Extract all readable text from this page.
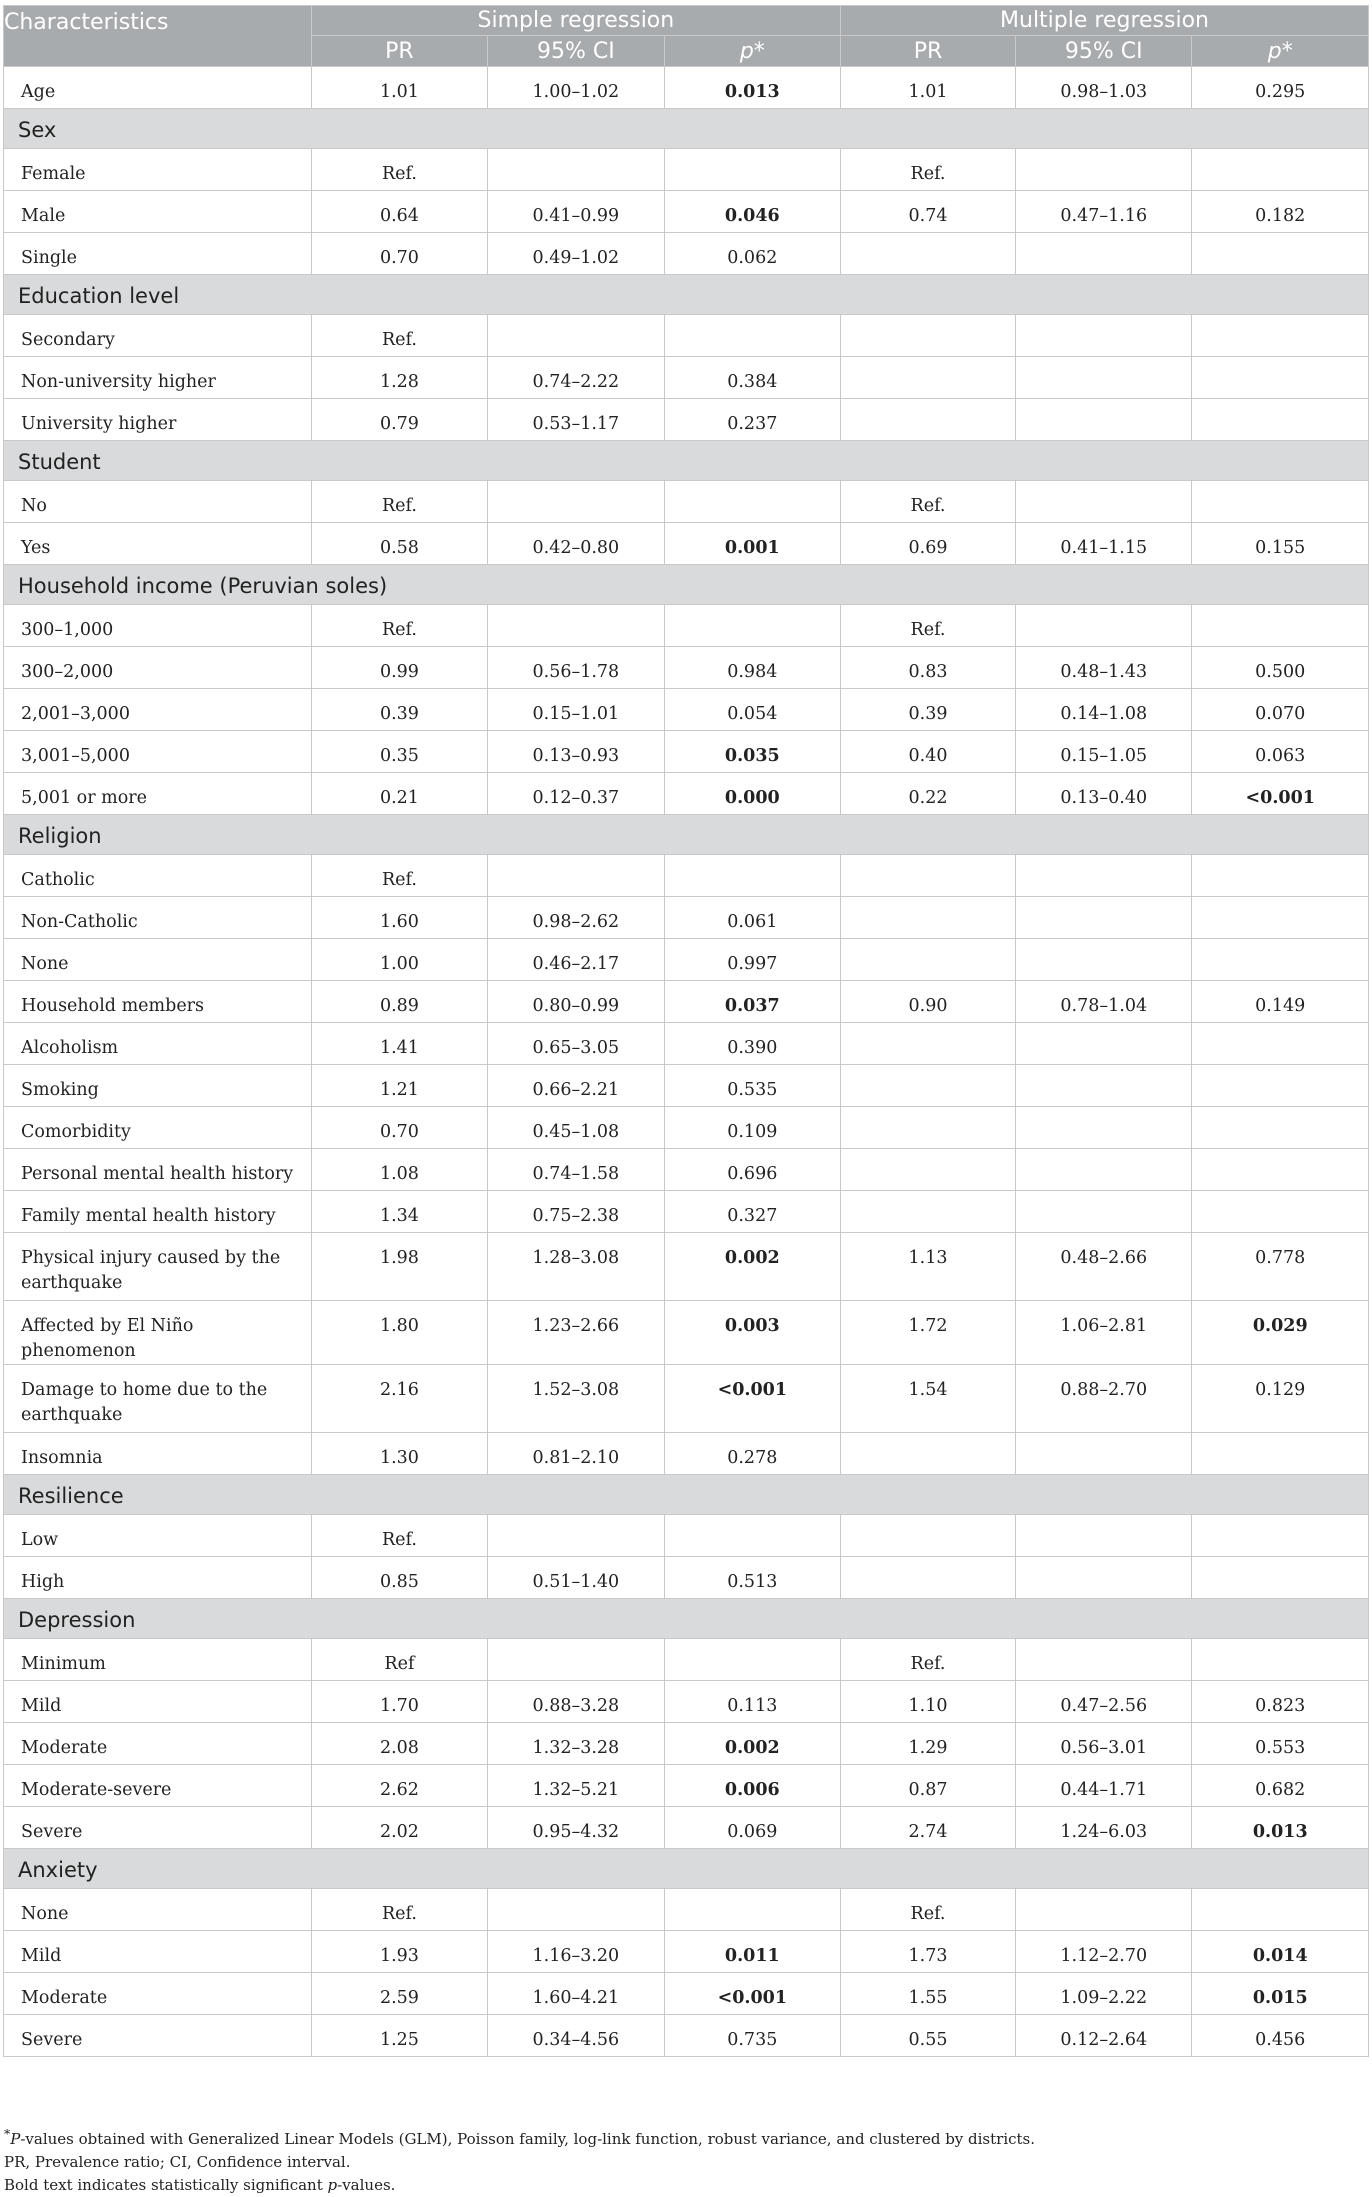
Characteristics	Simple regression			Multiple regression		
	PR	95% CI	p*	PR	95% CI	p*
Age	1.01	1.00–1.02	0.013	1.01	0.98–1.03	0.295
Sex						
Female	Ref.			Ref.		
Male	0.64	0.41–0.99	0.046	0.74	0.47–1.16	0.182
Single	0.70	0.49–1.02	0.062			
Education level						
Secondary	Ref.					
Non-university higher	1.28	0.74–2.22	0.384			
University higher	0.79	0.53–1.17	0.237			
Student						
No	Ref.			Ref.		
Yes	0.58	0.42–0.80	0.001	0.69	0.41–1.15	0.155
Household income (Peruvian soles)						
300–1,000	Ref.			Ref.		
300–2,000	0.99	0.56–1.78	0.984	0.83	0.48–1.43	0.500
2,001–3,000	0.39	0.15–1.01	0.054	0.39	0.14–1.08	0.070
3,001–5,000	0.35	0.13–0.93	0.035	0.40	0.15–1.05	0.063
5,001 or more	0.21	0.12–0.37	0.000	0.22	0.13–0.40	<0.001
Religion						
Catholic	Ref.					
Non-Catholic	1.60	0.98–2.62	0.061			
None	1.00	0.46–2.17	0.997			
Household members	0.89	0.80–0.99	0.037	0.90	0.78–1.04	0.149
Alcoholism	1.41	0.65–3.05	0.390			
Smoking	1.21	0.66–2.21	0.535			
Comorbidity	0.70	0.45–1.08	0.109			
Personal mental health history	1.08	0.74–1.58	0.696			
Family mental health history	1.34	0.75–2.38	0.327			
Physical injury caused by the earthquake	1.98	1.28–3.08	0.002	1.13	0.48–2.66	0.778
Affected by El Niño phenomenon	1.80	1.23–2.66	0.003	1.72	1.06–2.81	0.029
Damage to home due to the earthquake	2.16	1.52–3.08	<0.001	1.54	0.88–2.70	0.129
Insomnia	1.30	0.81–2.10	0.278			
Resilience						
Low	Ref.					
High	0.85	0.51–1.40	0.513			
Depression						
Minimum	Ref			Ref.		
Mild	1.70	0.88–3.28	0.113	1.10	0.47–2.56	0.823
Moderate	2.08	1.32–3.28	0.002	1.29	0.56–3.01	0.553
Moderate-severe	2.62	1.32–5.21	0.006	0.87	0.44–1.71	0.682
Severe	2.02	0.95–4.32	0.069	2.74	1.24–6.03	0.013
Anxiety						
None	Ref.			Ref.		
Mild	1.93	1.16–3.20	0.011	1.73	1.12–2.70	0.014
Moderate	2.59	1.60–4.21	<0.001	1.55	1.09–2.22	0.015
Severe	1.25	0.34–4.56	0.735	0.55	0.12–2.64	0.456

*P-values obtained with Generalized Linear Models (GLM), Poisson family, log-link function, robust variance, and clustered by districts.

PR, Prevalence ratio; CI, Confidence interval.

Bold text indicates statistically significant p-values.
